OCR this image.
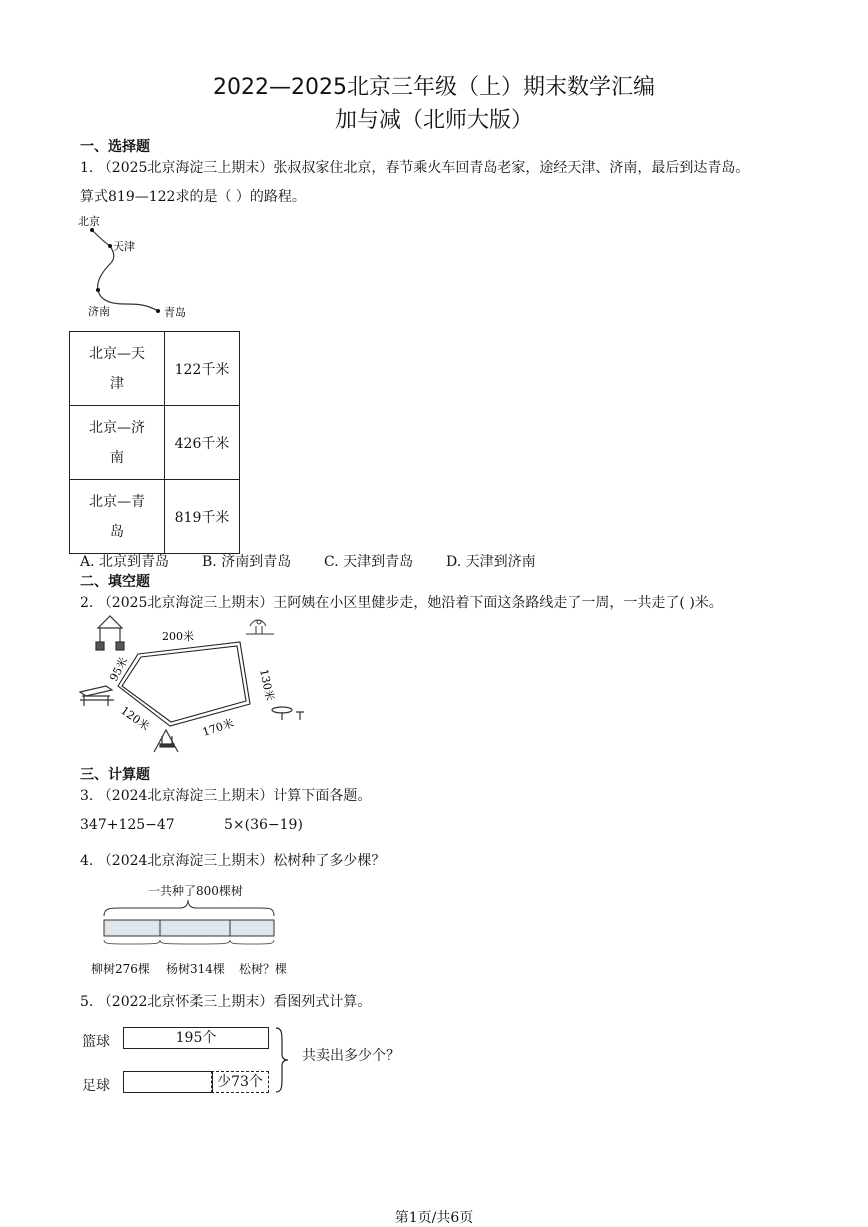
2022—2025北京三年级（上）期末数学汇编
加与减（北师大版）
一、选择题
1. （2025北京海淀三上期末）张叔叔家住北京，春节乘火车回青岛老家，途经天津、济南，最后到达青岛。
算式819—122求的是（ ）的路程。
北京
天津
济南	青岛
北京—天
津	122千米
北京—济
南	426千米
北京—青
岛	819千米
A. 北京到青岛 B. 济南到青岛 C. 天津到青岛 D. 天津到济南
二、填空题
2. （2025北京海淀三上期末）王阿姨在小区里健步走，她沿着下面这条路线走了一周，一共走了( )米。
200米
130米
170米
120米
95米
三、计算题
3. （2024北京海淀三上期末）计算下面各题。
347+125−47	5×(36−19)
4. （2024北京海淀三上期末）松树种了多少棵？
一共种了800棵树
柳树276棵 杨树314棵 松树？棵
5. （2022北京怀柔三上期末）看图列式计算。
篮球	195个
足球	少73个
共卖出多少个？
第1页/共6页
